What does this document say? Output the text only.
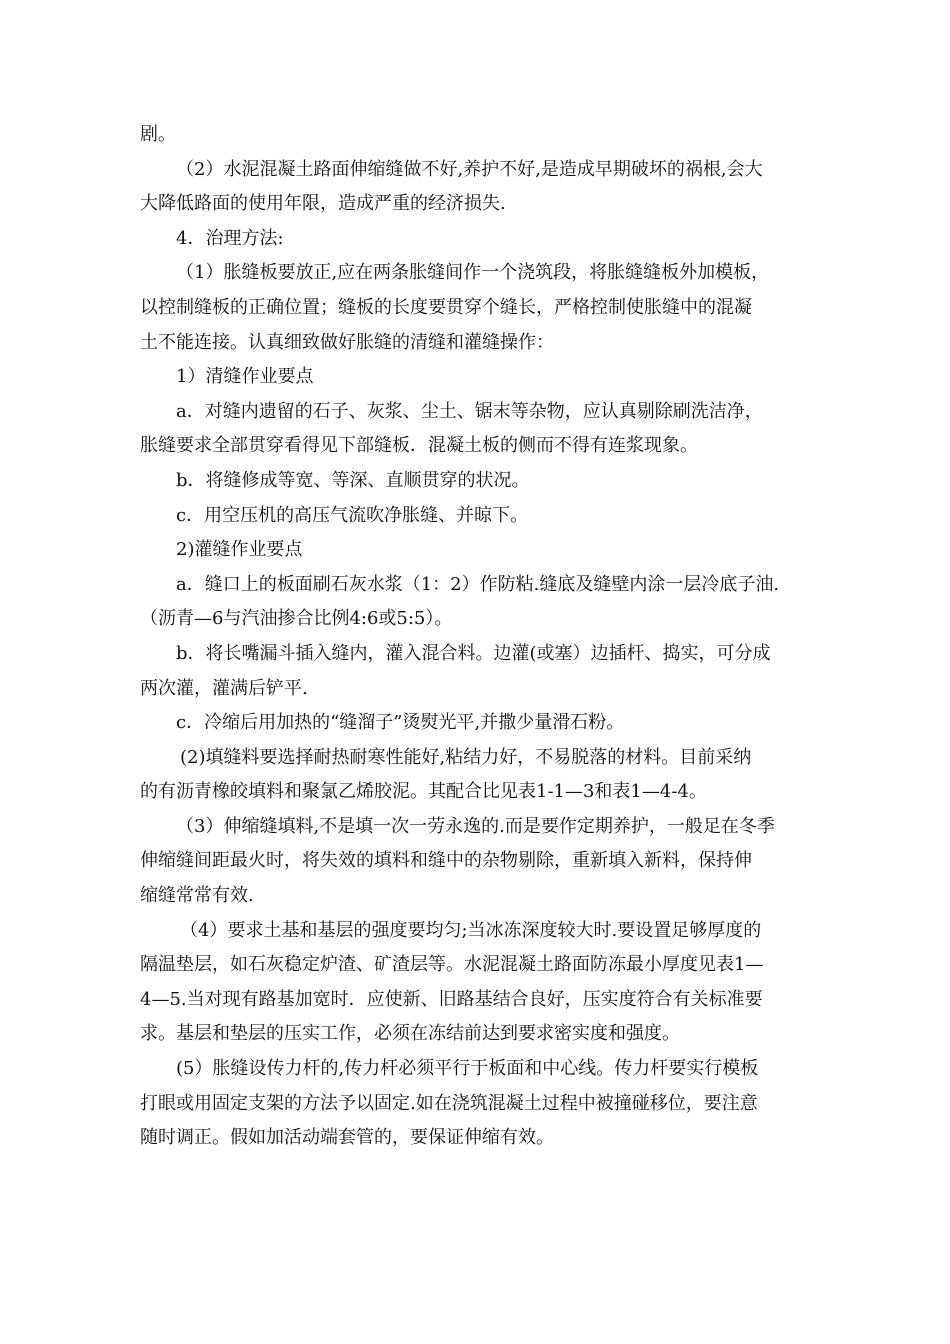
剧。
（2）水泥混凝土路面伸缩缝做不好,养护不好,是造成早期破坏的祸根,会大
大降低路面的使用年限，造成严重的经济损失.
4．治理方法:
（1）胀缝板要放正,应在两条胀缝间作一个浇筑段，将胀缝缝板外加模板，
以控制缝板的正确位置；缝板的长度要贯穿个缝长，严格控制使胀缝中的混凝
土不能连接。认真细致做好胀缝的清缝和灌缝操作：
1）清缝作业要点
a．对缝内遗留的石子、灰浆、尘土、锯末等杂物，应认真剔除刷洗洁净，
胀缝要求全部贯穿看得见下部缝板．混凝土板的侧而不得有连浆现象。
b．将缝修成等宽、等深、直顺贯穿的状况。
c．用空压机的高压气流吹净胀缝、并晾下。
2)灌缝作业要点
a．缝口上的板面刷石灰水浆（1：2）作防粘.缝底及缝壁内涂一层冷底子油.
（沥青—6与汽油掺合比例4:6或5:5）。
b．将长嘴漏斗插入缝内，灌入混合料。边灌(或塞）边插杆、捣实，可分成
两次灌，灌满后铲平.
c．冷缩后用加热的“缝溜子”烫熨光平,并撒少量滑石粉。
(2)填缝料要选择耐热耐寒性能好,粘结力好，不易脱落的材料。目前采纳
的有沥青橡皎填料和聚氯乙烯胶泥。其配合比见表1-1—3和表1—4-4。
（3）伸缩缝填料,不是填一次一劳永逸的.而是要作定期养护，一般足在冬季
伸缩缝间距最火时，将失效的填料和缝中的杂物剔除，重新填入新料，保持伸
缩缝常常有效.
（4）要求土基和基层的强度要均匀;当冰冻深度较大时.要设置足够厚度的
隔温垫层，如石灰稳定炉渣、矿渣层等。水泥混凝土路面防冻最小厚度见表1—
4—5.当对现有路基加宽时．应使新、旧路基结合良好，压实度符合有关标准要
求。基层和垫层的压实工作，必须在冻结前达到要求密实度和强度。
(5）胀缝设传力杆的,传力杆必须平行于板面和中心线。传力杆要实行模板
打眼或用固定支架的方法予以固定.如在浇筑混凝土过程中被撞碰移位，要注意
随时调正。假如加活动端套管的，要保证伸缩有效。
